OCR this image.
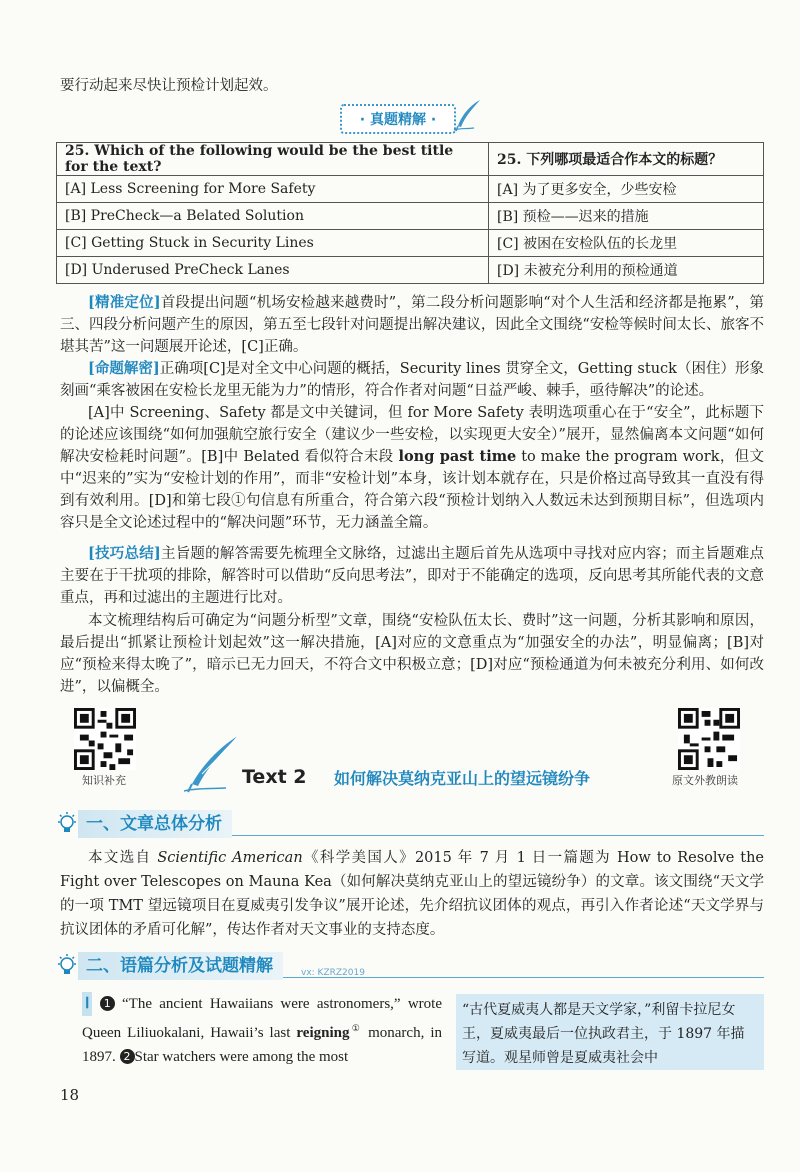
要行动起来尽快让预检计划起效。
· 真题精解 ·
25. Which of the following would be the best title for the text?	25. 下列哪项最适合作本文的标题？
[A] Less Screening for More Safety	[A] 为了更多安全，少些安检
[B] PreCheck—a Belated Solution	[B] 预检——迟来的措施
[C] Getting Stuck in Security Lines	[C] 被困在安检队伍的长龙里
[D] Underused PreCheck Lanes	[D] 未被充分利用的预检通道
[精准定位]首段提出问题“机场安检越来越费时”，第二段分析问题影响“对个人生活和经济都是拖累”，第三、四段分析问题产生的原因，第五至七段针对问题提出解决建议，因此全文围绕“安检等候时间太长、旅客不堪其苦”这一问题展开论述，[C]正确。
[命题解密]正确项[C]是对全文中心问题的概括，Security lines 贯穿全文，Getting stuck（困住）形象刻画“乘客被困在安检长龙里无能为力”的情形，符合作者对问题“日益严峻、棘手，亟待解决”的论述。
[A]中 Screening、Safety 都是文中关键词，但 for More Safety 表明选项重心在于“安全”，此标题下的论述应该围绕“如何加强航空旅行安全（建议少一些安检，以实现更大安全）”展开，显然偏离本文问题“如何解决安检耗时问题”。[B]中 Belated 看似符合末段 long past time to make the program work，但文中“迟来的”实为“安检计划的作用”，而非“安检计划”本身，该计划本就存在，只是价格过高导致其一直没有得到有效利用。[D]和第七段①句信息有所重合，符合第六段“预检计划纳入人数远未达到预期目标”，但选项内容只是全文论述过程中的“解决问题”环节，无力涵盖全篇。
[技巧总结]主旨题的解答需要先梳理全文脉络，过滤出主题后首先从选项中寻找对应内容；而主旨题难点主要在于干扰项的排除，解答时可以借助“反向思考法”，即对于不能确定的选项，反向思考其所能代表的文意重点，再和过滤出的主题进行比对。
本文梳理结构后可确定为“问题分析型”文章，围绕“安检队伍太长、费时”这一问题，分析其影响和原因，最后提出“抓紧让预检计划起效”这一解决措施，[A]对应的文意重点为“加强安全的办法”，明显偏离；[B]对应“预检来得太晚了”，暗示已无力回天，不符合文中积极立意；[D]对应“预检通道为何未被充分利用、如何改进”，以偏概全。
知识补充	原文外教朗读
Text 2 如何解决莫纳克亚山上的望远镜纷争
一、文章总体分析
本文选自 Scientific American《科学美国人》2015 年 7 月 1 日一篇题为 How to Resolve the Fight over Telescopes on Mauna Kea（如何解决莫纳克亚山上的望远镜纷争）的文章。该文围绕“天文学的一项 TMT 望远镜项目在夏威夷引发争议”展开论述，先介绍抗议团体的观点，再引入作者论述“天文学界与抗议团体的矛盾可化解”，传达作者对天文事业的支持态度。
二、语篇分析及试题精解	vx: KZRZ2019
Ⅰ 1 “The ancient Hawaiians were astronomers,” wrote Queen Liliuokalani, Hawaii’s last reigning① monarch, in 1897. 2 Star watchers were among the most
“古代夏威夷人都是天文学家，”利留卡拉尼女王，夏威夷最后一位执政君主，于 1897 年描写道。观星师曾是夏威夷社会中
18
